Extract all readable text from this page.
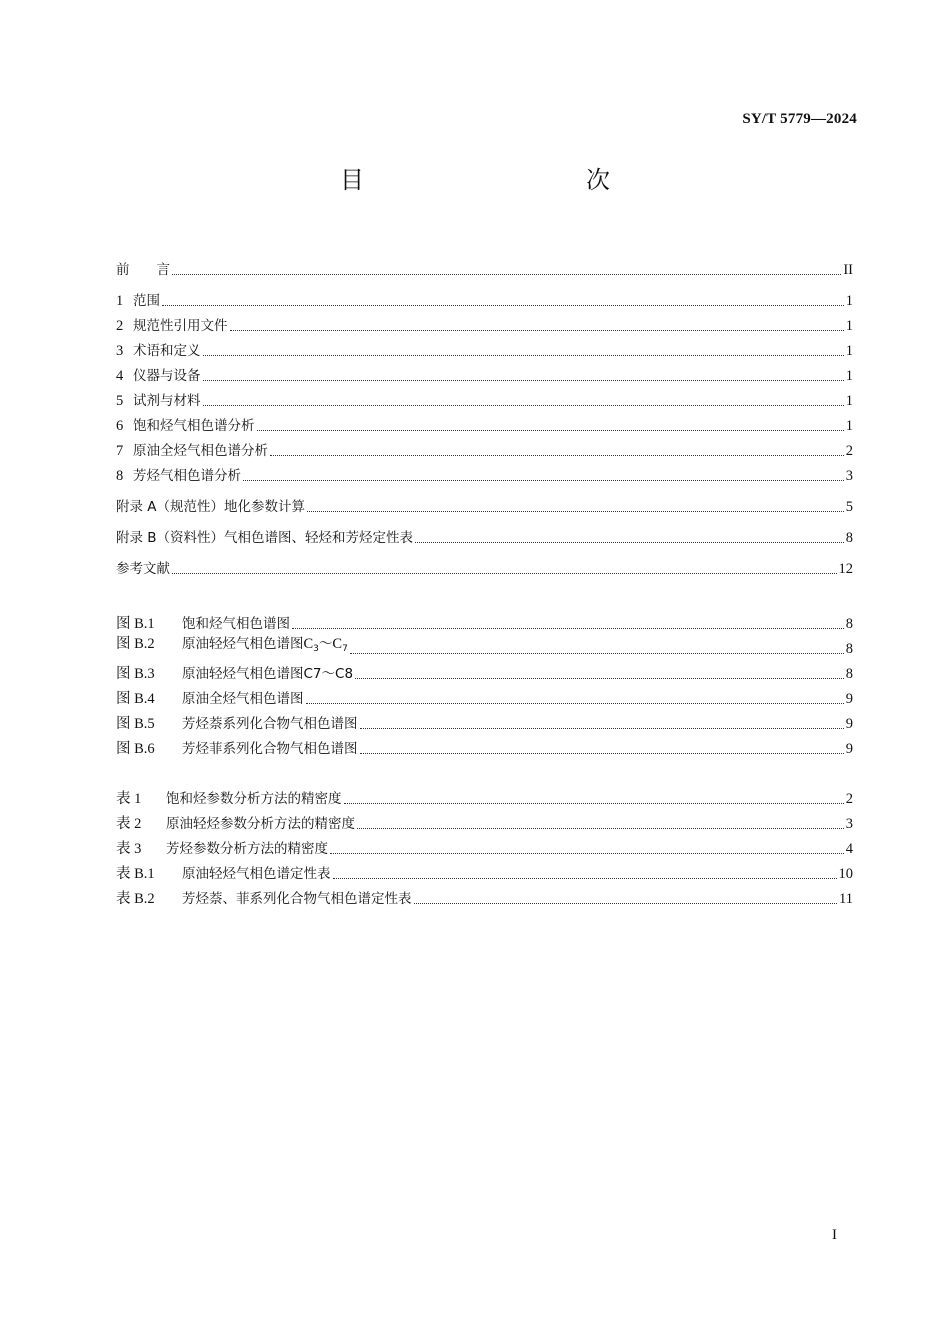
SY/T 5779—2024
目　　次
前　　言	II
1 范围	1
2 规范性引用文件	1
3 术语和定义	1
4 仪器与设备	1
5 试剂与材料	1
6 饱和烃气相色谱分析	1
7 原油全烃气相色谱分析	2
8 芳烃气相色谱分析	3
附录 A（规范性）地化参数计算	5
附录 B（资料性）气相色谱图、轻烃和芳烃定性表	8
参考文献	12
图 B.1 饱和烃气相色谱图	8
图 B.2 原油轻烃气相色谱图$C_3\sim C_7$	8
图 B.3 原油轻烃气相色谱图C7～C8	8
图 B.4 原油全烃气相色谱图	9
图 B.5 芳烃萘系列化合物气相色谱图	9
图 B.6 芳烃菲系列化合物气相色谱图	9
表 1 饱和烃参数分析方法的精密度	2
表 2 原油轻烃参数分析方法的精密度	3
表 3 芳烃参数分析方法的精密度	4
表 B.1 原油轻烃气相色谱定性表	10
表 B.2 芳烃萘、菲系列化合物气相色谱定性表	11
I
